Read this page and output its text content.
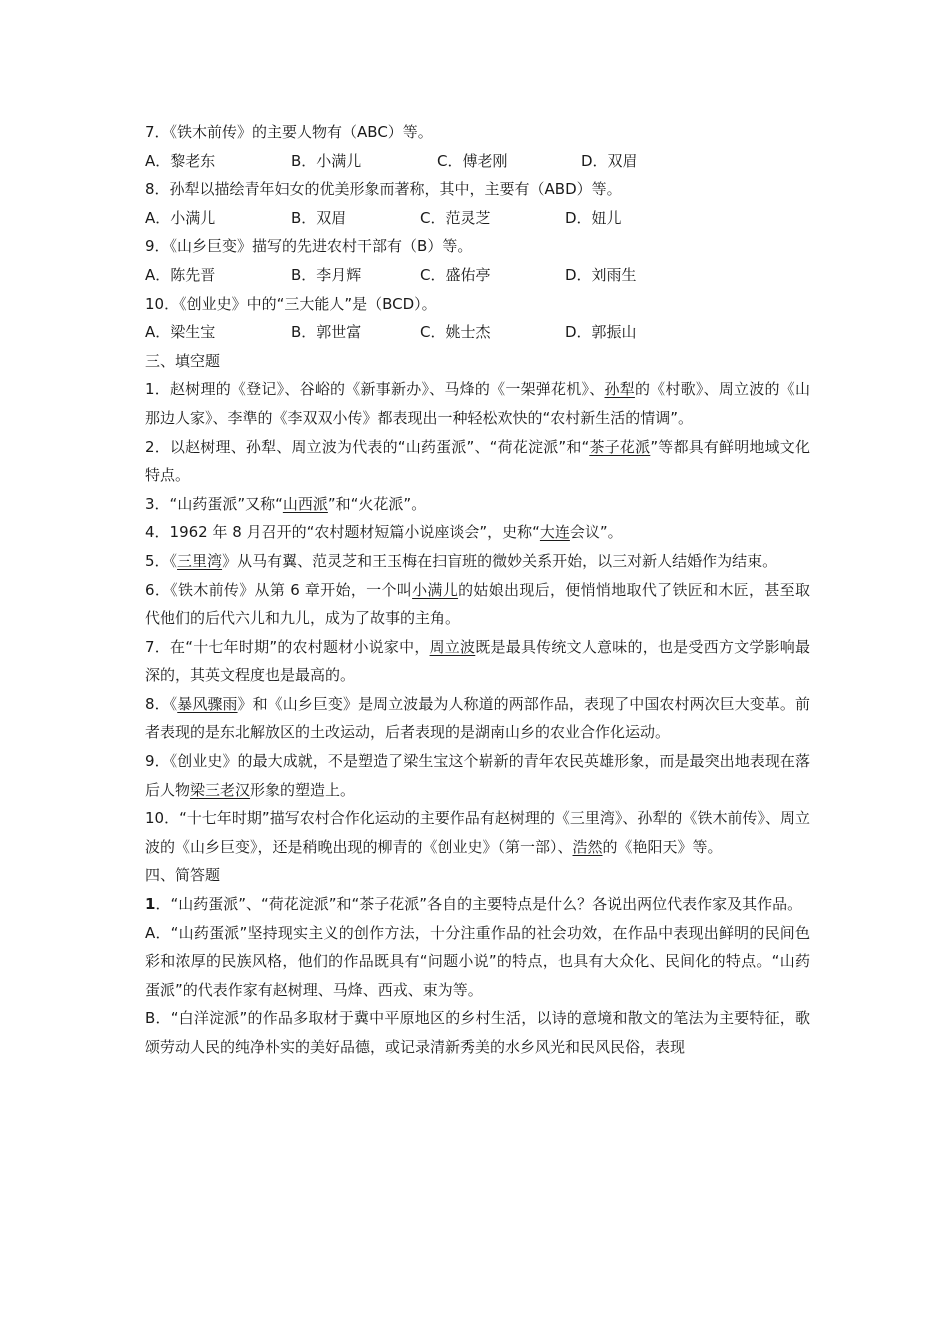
7．《铁木前传》的主要人物有（ABC）等。
A．黎老东	B．小满儿	C．傅老刚	D．双眉
8．孙犁以描绘青年妇女的优美形象而著称，其中，主要有（ABD）等。
A．小满儿	B．双眉	C．范灵芝	D．妞儿
9．《山乡巨变》描写的先进农村干部有（B）等。
A．陈先晋	B．李月辉	C．盛佑亭	D．刘雨生
10．《创业史》中的“三大能人”是（BCD）。
A．梁生宝	B．郭世富	C．姚士杰	D．郭振山
三、填空题
1．赵树理的《登记》、谷峪的《新事新办》、马烽的《一架弹花机》、孙犁的《村歌》、周立波的《山那边人家》、李準的《李双双小传》都表现出一种轻松欢快的“农村新生活的情调”。
2．以赵树理、孙犁、周立波为代表的“山药蛋派”、“荷花淀派”和“茶子花派”等都具有鲜明地域文化特点。
3．“山药蛋派”又称“山西派”和“火花派”。
4．1962 年 8 月召开的“农村题材短篇小说座谈会”，史称“大连会议”。
5．《三里湾》从马有翼、范灵芝和王玉梅在扫盲班的微妙关系开始，以三对新人结婚作为结束。
6．《铁木前传》从第 6 章开始，一个叫小满儿的姑娘出现后，便悄悄地取代了铁匠和木匠，甚至取代他们的后代六儿和九儿，成为了故事的主角。
7．在“十七年时期”的农村题材小说家中，周立波既是最具传统文人意味的，也是受西方文学影响最深的，其英文程度也是最高的。
8．《暴风骤雨》和《山乡巨变》是周立波最为人称道的两部作品，表现了中国农村两次巨大变革。前者表现的是东北解放区的土改运动，后者表现的是湖南山乡的农业合作化运动。
9．《创业史》的最大成就，不是塑造了梁生宝这个崭新的青年农民英雄形象，而是最突出地表现在落后人物梁三老汉形象的塑造上。
10．“十七年时期”描写农村合作化运动的主要作品有赵树理的《三里湾》、孙犁的《铁木前传》、周立波的《山乡巨变》，还是稍晚出现的柳青的《创业史》（第一部）、浩然的《艳阳天》等。
四、简答题
1．“山药蛋派”、“荷花淀派”和“茶子花派”各自的主要特点是什么？各说出两位代表作家及其作品。
A．“山药蛋派”坚持现实主义的创作方法，十分注重作品的社会功效，在作品中表现出鲜明的民间色彩和浓厚的民族风格，他们的作品既具有“问题小说”的特点，也具有大众化、民间化的特点。“山药蛋派”的代表作家有赵树理、马烽、西戎、束为等。
B．“白洋淀派”的作品多取材于冀中平原地区的乡村生活，以诗的意境和散文的笔法为主要特征，歌颂劳动人民的纯净朴实的美好品德，或记录清新秀美的水乡风光和民风民俗，表现
